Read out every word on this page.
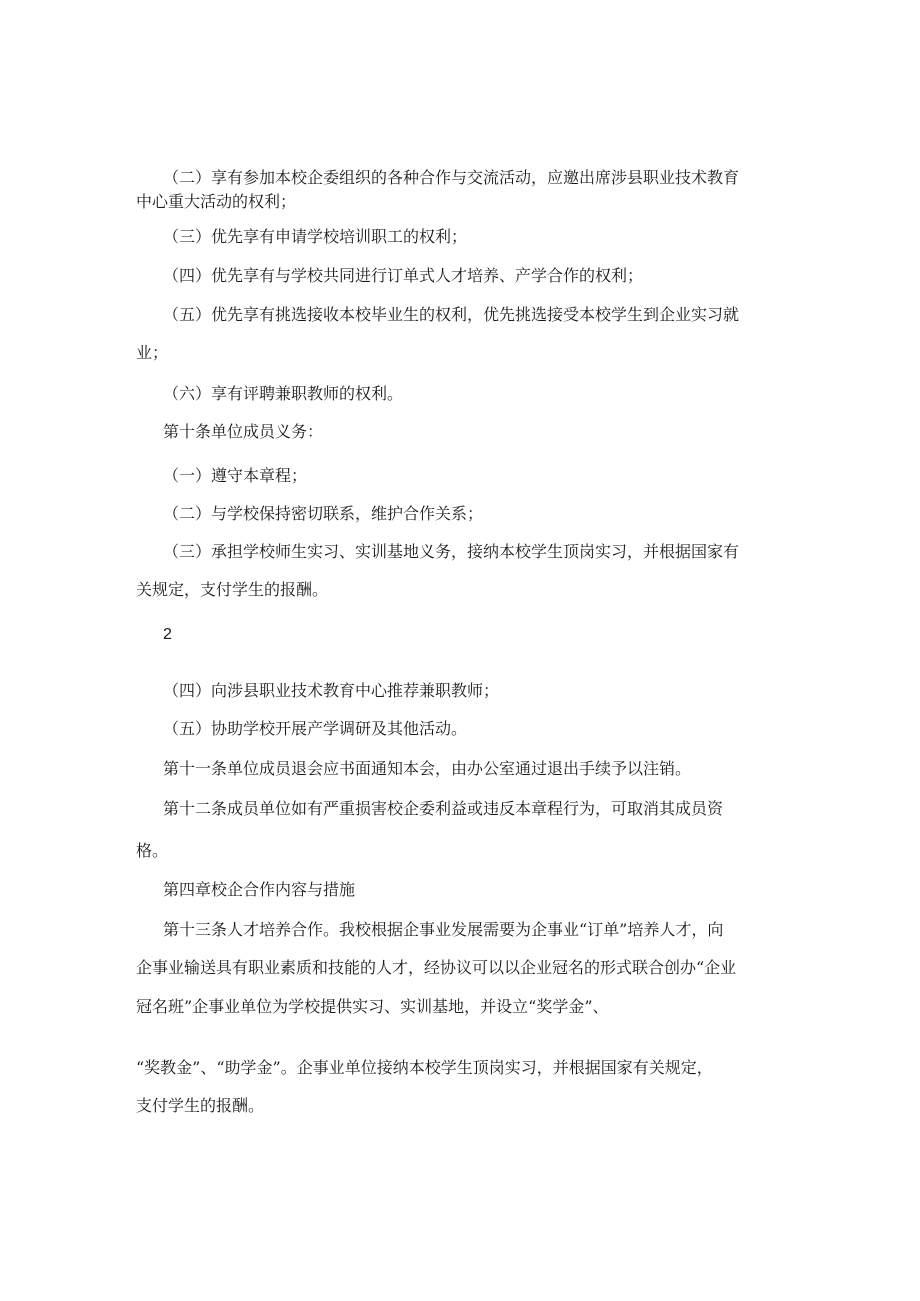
（二）享有参加本校企委组织的各种合作与交流活动，应邀出席涉县职业技术教育

中心重大活动的权利；

（三）优先享有申请学校培训职工的权利；

（四）优先享有与学校共同进行订单式人才培养、产学合作的权利；

（五）优先享有挑选接收本校毕业生的权利，优先挑选接受本校学生到企业实习就

业；

（六）享有评聘兼职教师的权利。

第十条单位成员义务：

（一）遵守本章程；

（二）与学校保持密切联系，维护合作关系；

（三）承担学校师生实习、实训基地义务，接纳本校学生顶岗实习，并根据国家有

关规定，支付学生的报酬。

2

（四）向涉县职业技术教育中心推荐兼职教师；

（五）协助学校开展产学调研及其他活动。

第十一条单位成员退会应书面通知本会，由办公室通过退出手续予以注销。

第十二条成员单位如有严重损害校企委利益或违反本章程行为，可取消其成员资

格。

第四章校企合作内容与措施

第十三条人才培养合作。我校根据企事业发展需要为企事业“订单”培养人才，向

企事业输送具有职业素质和技能的人才，经协议可以以企业冠名的形式联合创办“企业

冠名班”企事业单位为学校提供实习、实训基地，并设立“奖学金”、

“奖教金”、“助学金”。企事业单位接纳本校学生顶岗实习，并根据国家有关规定，

支付学生的报酬。
